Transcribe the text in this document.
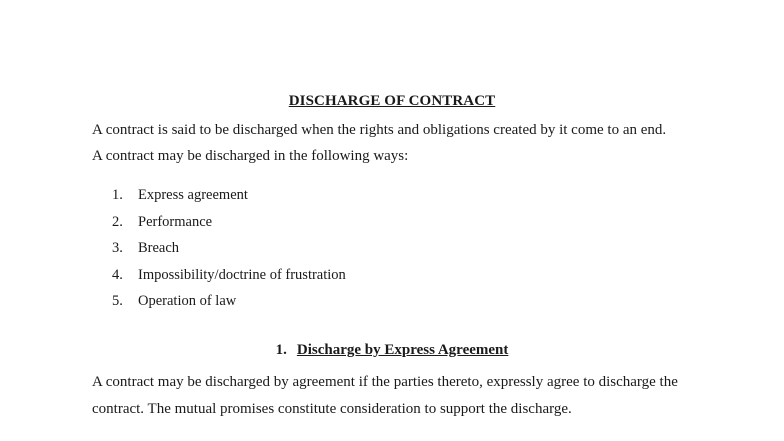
DISCHARGE OF CONTRACT
A contract is said to be discharged when the rights and obligations created by it come to an end.
A contract may be discharged in the following ways:
1. Express agreement
2. Performance
3. Breach
4. Impossibility/doctrine of frustration
5. Operation of law
1. Discharge by Express Agreement
A contract may be discharged by agreement if the parties thereto, expressly agree to discharge the
contract. The mutual promises constitute consideration to support the discharge.
